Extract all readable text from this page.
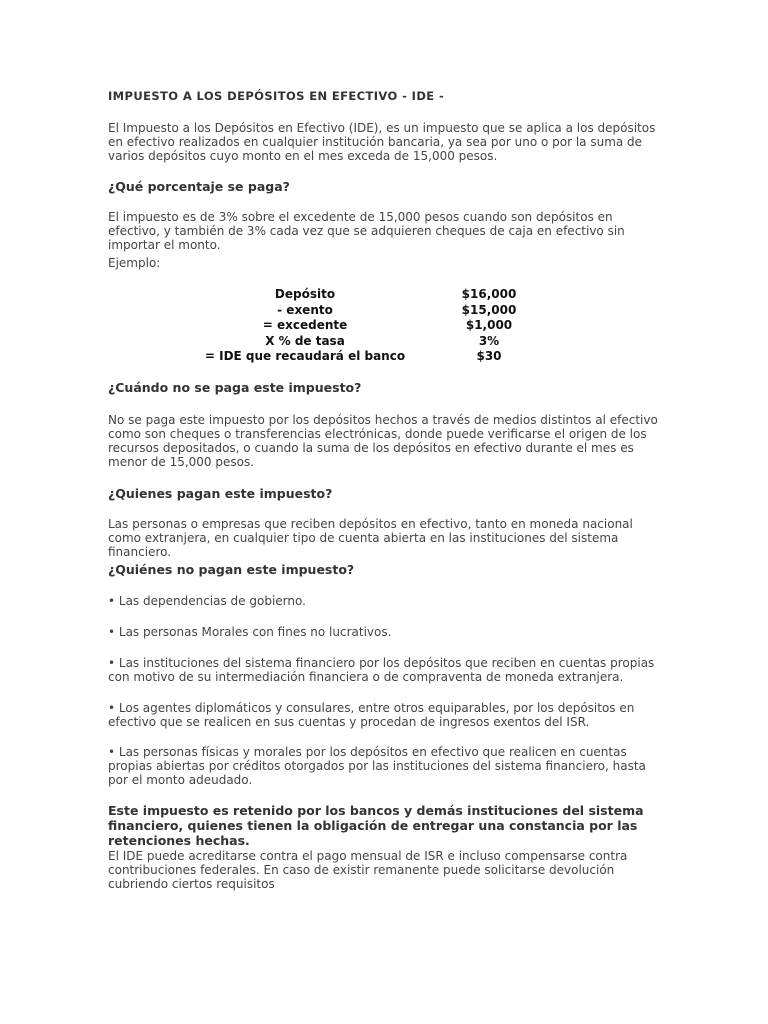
IMPUESTO A LOS DEPÓSITOS EN EFECTIVO - IDE -
El Impuesto a los Depósitos en Efectivo (IDE), es un impuesto que se aplica a los depósitos en efectivo realizados en cualquier institución bancaria, ya sea por uno o por la suma de varios depósitos cuyo monto en el mes exceda de 15,000 pesos.
¿Qué porcentaje se paga?
El impuesto es de 3% sobre el excedente de 15,000 pesos cuando son depósitos en efectivo, y también de 3% cada vez que se adquieren cheques de caja en efectivo sin importar el monto.
Ejemplo:
Depósito	$16,000
- exento	$15,000
= excedente	$1,000
X % de tasa	3%
= IDE que recaudará el banco	$30
¿Cuándo no se paga este impuesto?
No se paga este impuesto por los depósitos hechos a través de medios distintos al efectivo como son cheques o transferencias electrónicas, donde puede verificarse el origen de los recursos depositados, o cuando la suma de los depósitos en efectivo durante el mes es menor de 15,000 pesos.
¿Quienes pagan este impuesto?
Las personas o empresas que reciben depósitos en efectivo, tanto en moneda nacional como extranjera, en cualquier tipo de cuenta abierta en las instituciones del sistema financiero.
¿Quiénes no pagan este impuesto?
• Las dependencias de gobierno.
• Las personas Morales con fines no lucrativos.
• Las instituciones del sistema financiero por los depósitos que reciben en cuentas propias con motivo de su intermediación financiera o de compraventa de moneda extranjera.
• Los agentes diplomáticos y consulares, entre otros equiparables, por los depósitos en efectivo que se realicen en sus cuentas y procedan de ingresos exentos del ISR.
• Las personas físicas y morales por los depósitos en efectivo que realicen en cuentas propias abiertas por créditos otorgados por las instituciones del sistema financiero, hasta por el monto adeudado.
Este impuesto es retenido por los bancos y demás instituciones del sistema financiero, quienes tienen la obligación de entregar una constancia por las retenciones hechas.
El IDE puede acreditarse contra el pago mensual de ISR e incluso compensarse contra contribuciones federales. En caso de existir remanente puede solicitarse devolución cubriendo ciertos requisitos
